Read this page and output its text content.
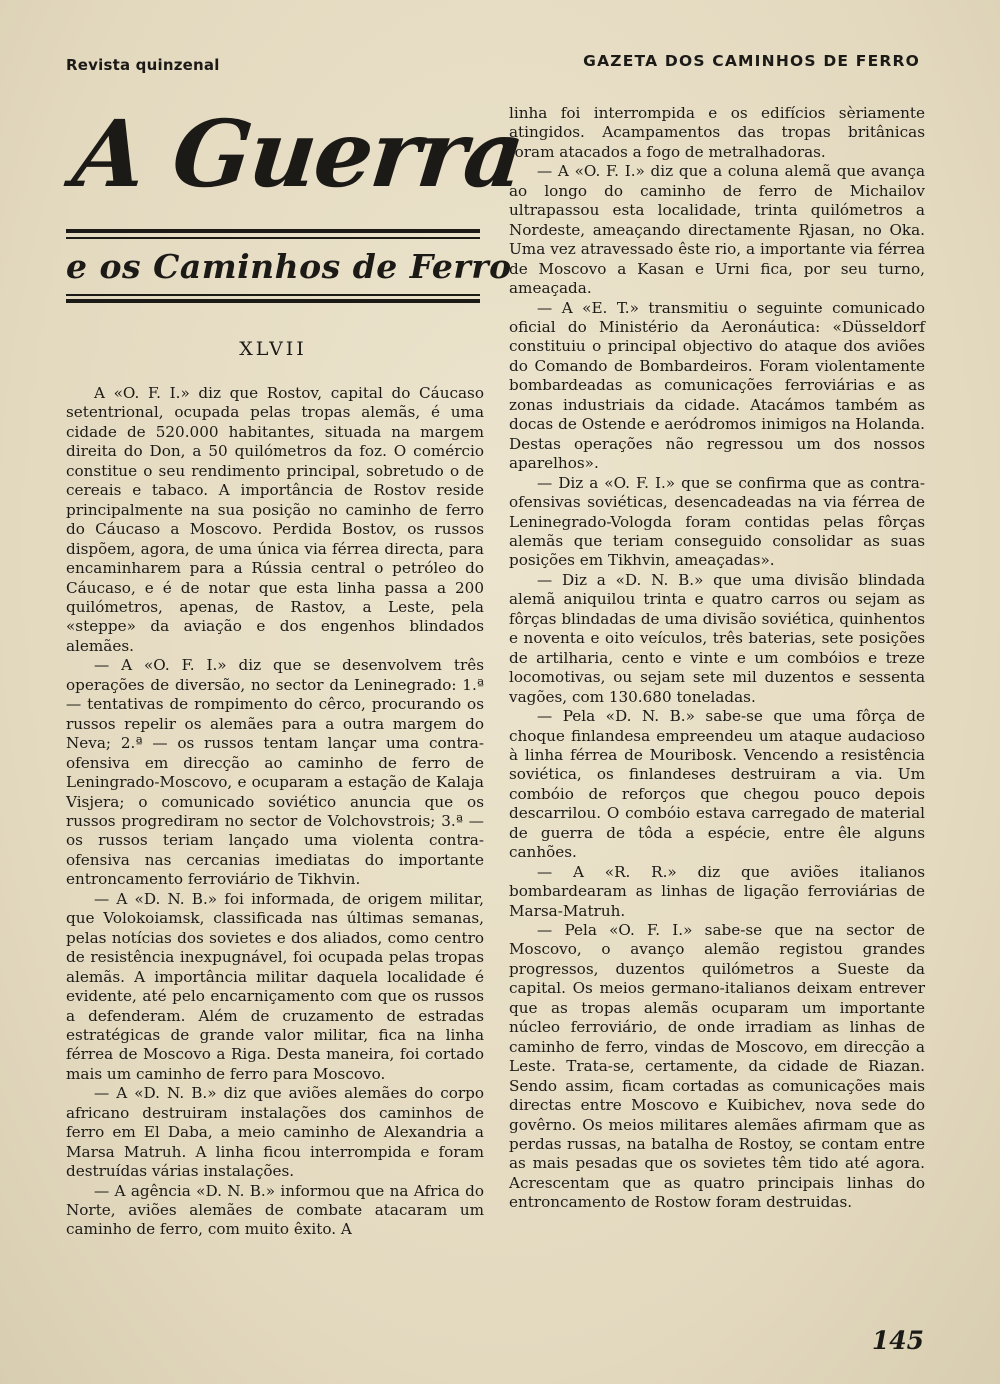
Revista quinzenal	GAZETA DOS CAMINHOS DE FERRO
A Guerra
e os Caminhos de Ferro
XLVII

A «O. F. I.» diz que Rostov, capital do Cáucaso setentrional, ocupada pelas tropas alemãs, é uma cidade de 520.000 habitantes, situada na margem direita do Don, a 50 quilómetros da foz. O comércio constitue o seu rendimento principal, sobretudo o de cereais e tabaco. A importância de Rostov reside principalmente na sua posição no caminho de ferro do Cáucaso a Moscovo. Perdida Bostov, os russos dispõem, agora, de uma única via férrea directa, para encaminharem para a Rússia central o petróleo do Cáucaso, e é de notar que esta linha passa a 200 quilómetros, apenas, de Rastov, a Leste, pela «steppe» da aviação e dos engenhos blindados alemães.

— A «O. F. I.» diz que se desenvolvem três operações de diversão, no sector da Leninegrado: 1.ª — tentativas de rompimento do cêrco, procurando os russos repelir os alemães para a outra margem do Neva; 2.ª — os russos tentam lançar uma contra-ofensiva em direcção ao caminho de ferro de Leningrado-Moscovo, e ocuparam a estação de Kalaja Visjera; o comunicado soviético anuncia que os russos progrediram no sector de Volchovstrois; 3.ª — os russos teriam lançado uma violenta contra-ofensiva nas cercanias imediatas do importante entroncamento ferroviário de Tikhvin.

— A «D. N. B.» foi informada, de origem militar, que Volokoiamsk, classificada nas últimas semanas, pelas notícias dos sovietes e dos aliados, como centro de resistência inexpugnável, foi ocupada pelas tropas alemãs. A importância militar daquela localidade é evidente, até pelo encarniçamento com que os russos a defenderam. Além de cruzamento de estradas estratégicas de grande valor militar, fica na linha férrea de Moscovo a Riga. Desta maneira, foi cortado mais um caminho de ferro para Moscovo.

— A «D. N. B.» diz que aviões alemães do corpo africano destruiram instalações dos caminhos de ferro em El Daba, a meio caminho de Alexandria a Marsa Matruh. A linha ficou interrompida e foram destruídas várias instalações.

— A agência «D. N. B.» informou que na Africa do Norte, aviões alemães de combate atacaram um caminho de ferro, com muito êxito. A

linha foi interrompida e os edifícios sèriamente atingidos. Acampamentos das tropas britânicas foram atacados a fogo de metralhadoras.

— A «O. F. I.» diz que a coluna alemã que avança ao longo do caminho de ferro de Michailov ultrapassou esta localidade, trinta quilómetros a Nordeste, ameaçando directamente Rjasan, no Oka. Uma vez atravessado êste rio, a importante via férrea de Moscovo a Kasan e Urni fica, por seu turno, ameaçada.

— A «E. T.» transmitiu o seguinte comunicado oficial do Ministério da Aeronáutica: «Düsseldorf constituiu o principal objectivo do ataque dos aviões do Comando de Bombardeiros. Foram violentamente bombardeadas as comunicações ferroviárias e as zonas industriais da cidade. Atacámos também as docas de Ostende e aeródromos inimigos na Holanda. Destas operações não regressou um dos nossos aparelhos».

— Diz a «O. F. I.» que se confirma que as contra-ofensivas soviéticas, desencadeadas na via férrea de Leninegrado-Vologda foram contidas pelas fôrças alemãs que teriam conseguido consolidar as suas posições em Tikhvin, ameaçadas».

— Diz a «D. N. B.» que uma divisão blindada alemã aniquilou trinta e quatro carros ou sejam as fôrças blindadas de uma divisão soviética, quinhentos e noventa e oito veículos, três baterias, sete posições de artilharia, cento e vinte e um combóios e treze locomotivas, ou sejam sete mil duzentos e sessenta vagões, com 130.680 toneladas.

— Pela «D. N. B.» sabe-se que uma fôrça de choque finlandesa empreendeu um ataque audacioso à linha férrea de Mouribosk. Vencendo a resistência soviética, os finlandeses destruiram a via. Um combóio de reforços que chegou pouco depois descarrilou. O combóio estava carregado de material de guerra de tôda a espécie, entre êle alguns canhões.

— A «R. R.» diz que aviões italianos bombardearam as linhas de ligação ferroviárias de Marsa-Matruh.

— Pela «O. F. I.» sabe-se que na sector de Moscovo, o avanço alemão registou grandes progressos, duzentos quilómetros a Sueste da capital. Os meios germano-italianos deixam entrever que as tropas alemãs ocuparam um importante núcleo ferroviário, de onde irradiam as linhas de caminho de ferro, vindas de Moscovo, em direcção a Leste. Trata-se, certamente, da cidade de Riazan. Sendo assim, ficam cortadas as comunicações mais directas entre Moscovo e Kuibichev, nova sede do govêrno. Os meios militares alemães afirmam que as perdas russas, na batalha de Rostoy, se contam entre as mais pesadas que os sovietes têm tido até agora. Acrescentam que as quatro principais linhas do entroncamento de Rostow foram destruidas.

145
